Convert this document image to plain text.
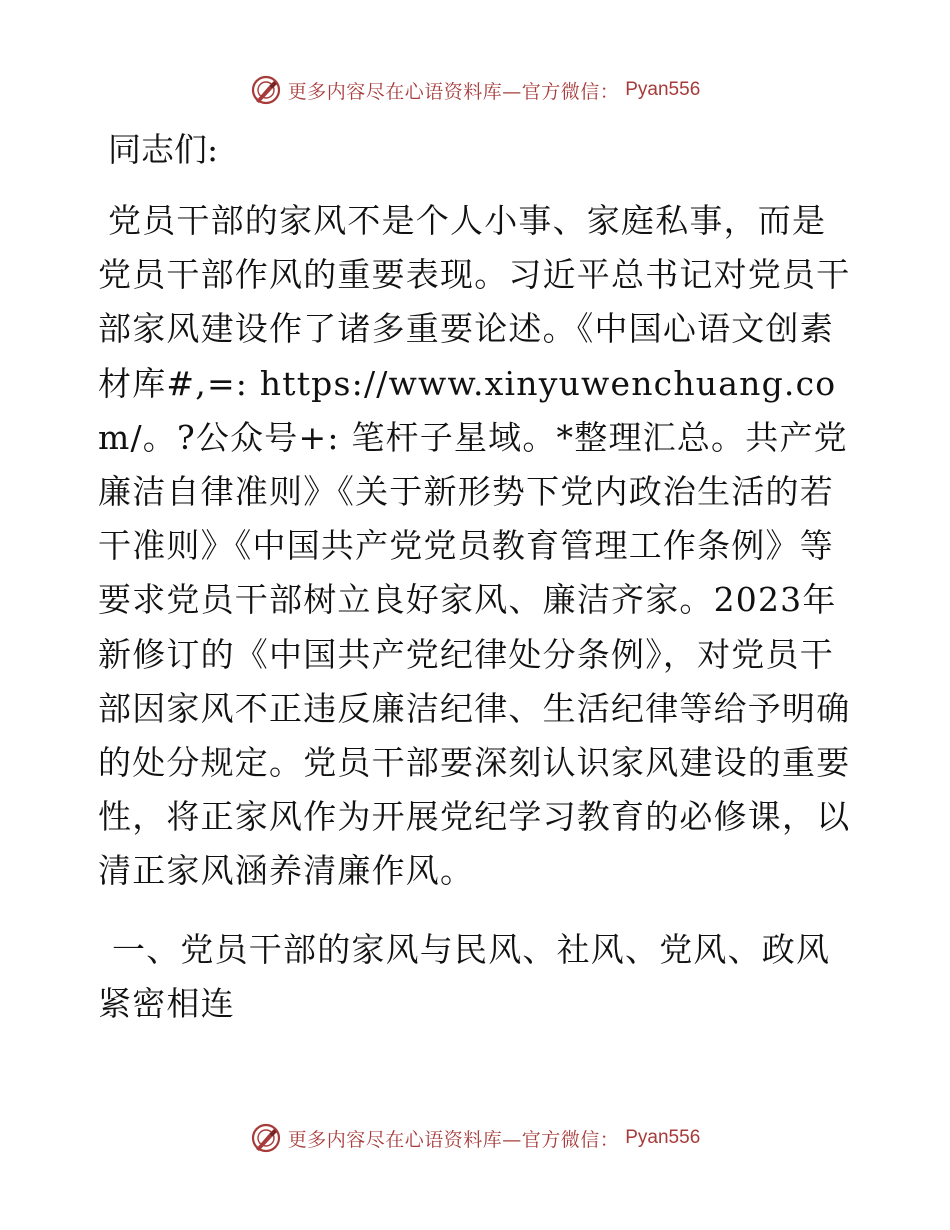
更多内容尽在心语资料库—官方微信： Pyan556

同志们:

党员干部的家风不是个人小事、家庭私事，而是党员干部作风的重要表现。习近平总书记对党员干部家风建设作了诸多重要论述。《中国心语文创素材库#,=: https://www.xinyuwenchuang.com/。?公众号+: 笔杆子星域。*整理汇总。共产党廉洁自律准则》《关于新形势下党内政治生活的若干准则》《中国共产党党员教育管理工作条例》等要求党员干部树立良好家风、廉洁齐家。2023年新修订的《中国共产党纪律处分条例》，对党员干部因家风不正违反廉洁纪律、生活纪律等给予明确的处分规定。党员干部要深刻认识家风建设的重要性，将正家风作为开展党纪学习教育的必修课，以清正家风涵养清廉作风。

一、党员干部的家风与民风、社风、党风、政风紧密相连

更多内容尽在心语资料库—官方微信： Pyan556
